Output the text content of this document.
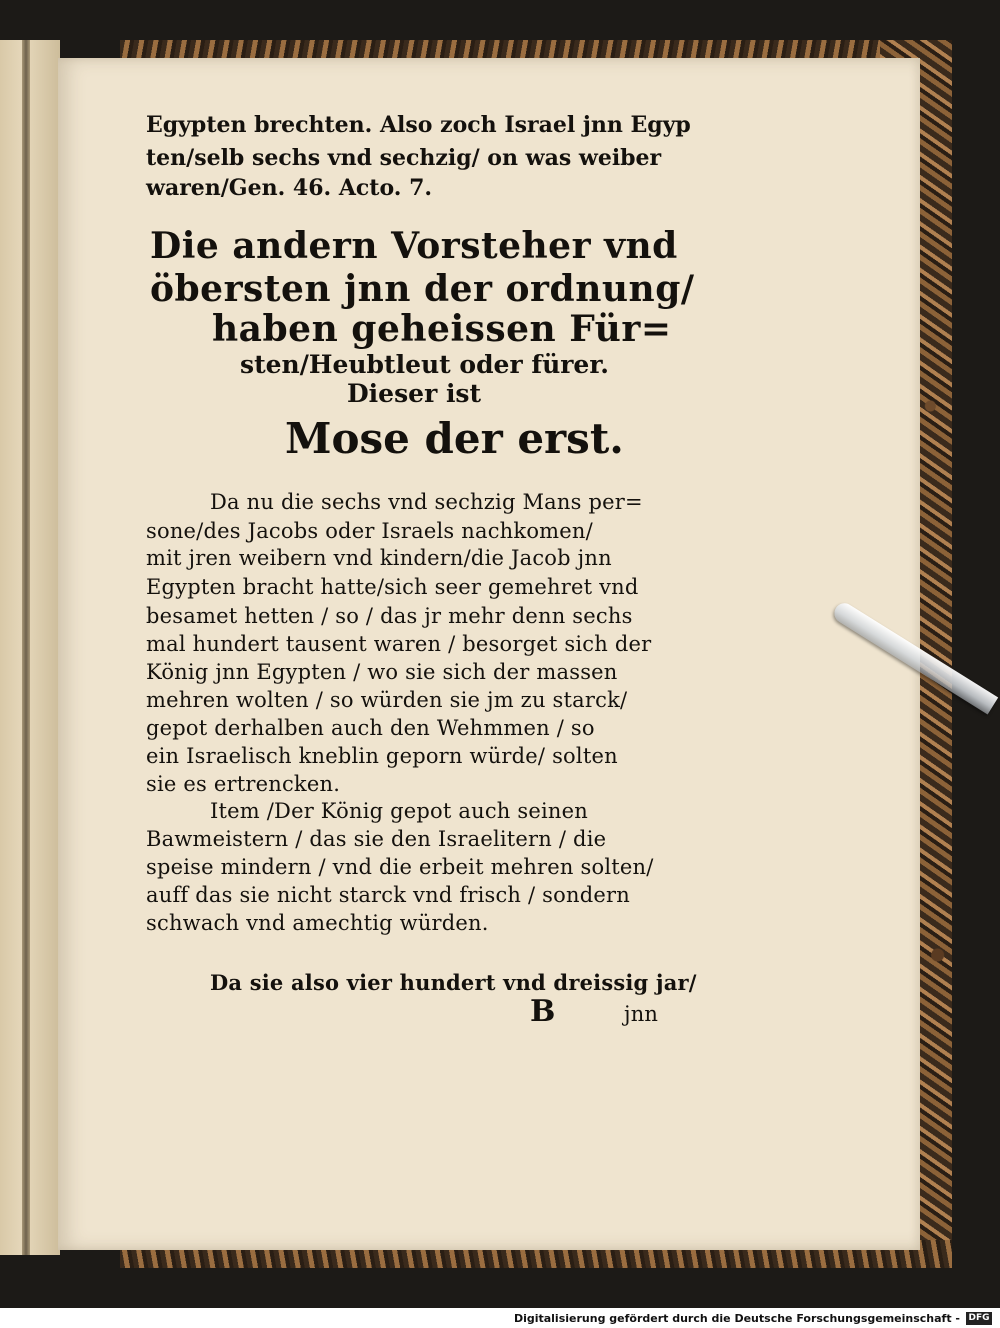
Egypten brechten. Also zoch Israel jnn Egyp
ten/selb sechs vnd sechzig/ on was weiber
waren/Gen. 46. Acto. 7.
Die andern Vorsteher vnd
öbersten jnn der ordnung/
haben geheissen Für=
sten/Heubtleut oder fürer.
Dieser ist
Mose der erst.
Da nu die sechs vnd sechzig Mans per=
sone/des Jacobs oder Israels nachkomen/
mit jren weibern vnd kindern/die Jacob jnn
Egypten bracht hatte/sich seer gemehret vnd
besamet hetten / so / das jr mehr denn sechs
mal hundert tausent waren / besorget sich der
König jnn Egypten / wo sie sich der massen
mehren wolten / so würden sie jm zu starck/
gepot derhalben auch den Wehmmen / so
ein Israelisch kneblin geporn würde/ solten
sie es ertrencken.
Item /Der König gepot auch seinen
Bawmeistern / das sie den Israelitern / die
speise mindern / vnd die erbeit mehren solten/
auff das sie nicht starck vnd frisch / sondern
schwach vnd amechtig würden.
Da sie also vier hundert vnd dreissig jar/
B	jnn
Digitalisierung gefördert durch die Deutsche Forschungsgemeinschaft - DFG
